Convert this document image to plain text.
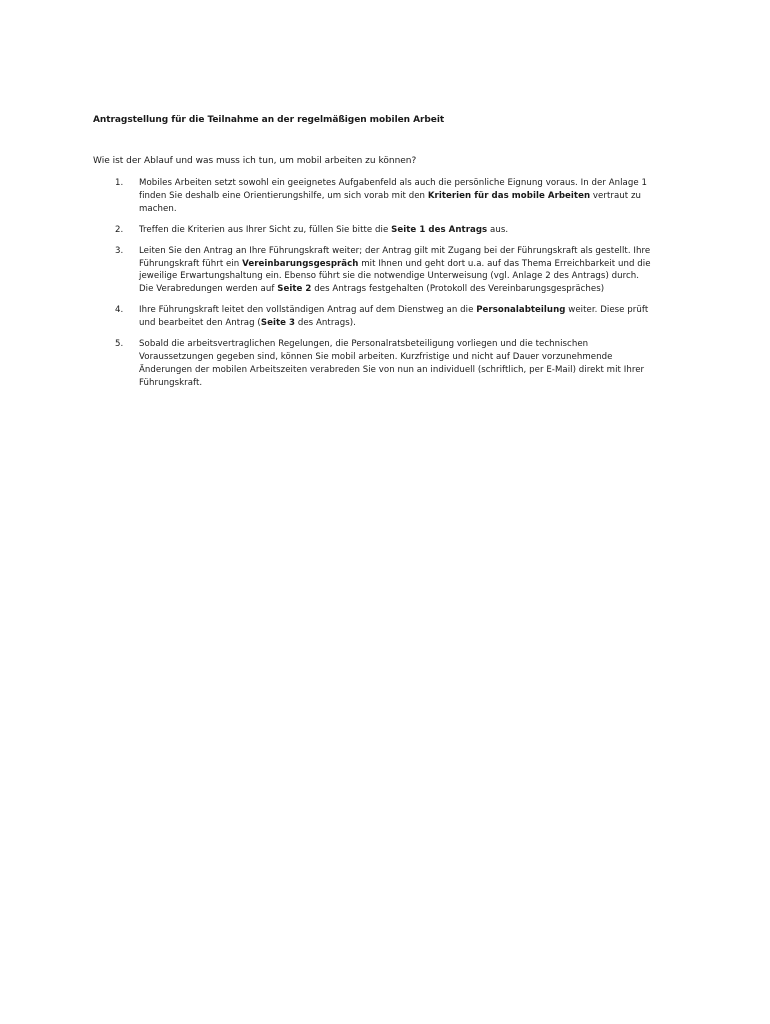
Antragstellung für die Teilnahme an der regelmäßigen mobilen Arbeit
Wie ist der Ablauf und was muss ich tun, um mobil arbeiten zu können?
1. Mobiles Arbeiten setzt sowohl ein geeignetes Aufgabenfeld als auch die persönliche Eignung voraus. In der Anlage 1
finden Sie deshalb eine Orientierungshilfe, um sich vorab mit den Kriterien für das mobile Arbeiten vertraut zu
machen.
2. Treffen die Kriterien aus Ihrer Sicht zu, füllen Sie bitte die Seite 1 des Antrags aus.
3. Leiten Sie den Antrag an Ihre Führungskraft weiter; der Antrag gilt mit Zugang bei der Führungskraft als gestellt. Ihre
Führungskraft führt ein Vereinbarungsgespräch mit Ihnen und geht dort u.a. auf das Thema Erreichbarkeit und die
jeweilige Erwartungshaltung ein. Ebenso führt sie die notwendige Unterweisung (vgl. Anlage 2 des Antrags) durch.
Die Verabredungen werden auf Seite 2 des Antrags festgehalten (Protokoll des Vereinbarungsgespräches)
4. Ihre Führungskraft leitet den vollständigen Antrag auf dem Dienstweg an die Personalabteilung weiter. Diese prüft
und bearbeitet den Antrag (Seite 3 des Antrags).
5. Sobald die arbeitsvertraglichen Regelungen, die Personalratsbeteiligung vorliegen und die technischen
Voraussetzungen gegeben sind, können Sie mobil arbeiten. Kurzfristige und nicht auf Dauer vorzunehmende
Änderungen der mobilen Arbeitszeiten verabreden Sie von nun an individuell (schriftlich, per E-Mail) direkt mit Ihrer
Führungskraft.
